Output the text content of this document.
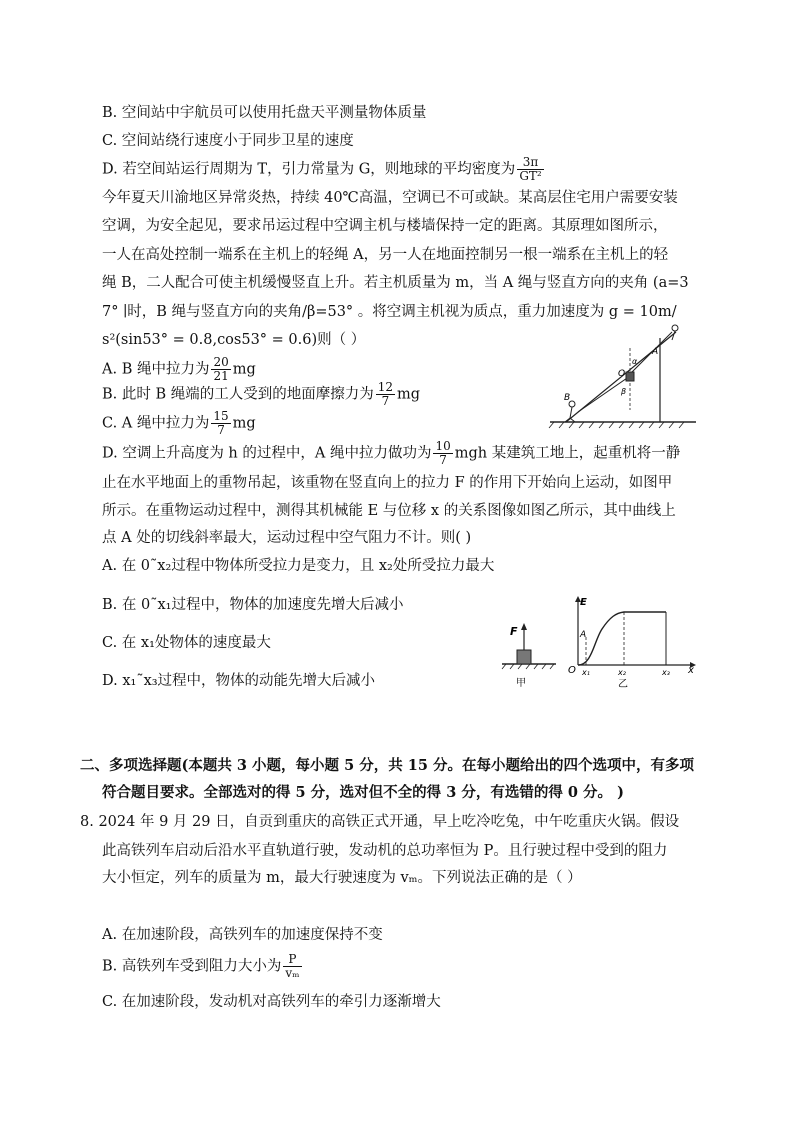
B. 空间站中宇航员可以使用托盘天平测量物体质量
C. 空间站绕行速度小于同步卫星的速度
D. 若空间站运行周期为 T，引力常量为 G，则地球的平均密度为 $\frac{3\pi}{\text{GT²}}$
今年夏天川渝地区异常炎热，持续 40℃高温，空调已不可或缺。某高层住宅用户需要安装
空调，为安全起见，要求吊运过程中空调主机与楼墙保持一定的距离。其原理如图所示，
一人在高处控制一端系在主机上的轻绳 A，另一人在地面控制另一根一端系在主机上的轻
绳 B，二人配合可使主机缓慢竖直上升。若主机质量为 m，当 A 绳与竖直方向的夹角 (a=3
7° ∣时，B 绳与竖直方向的夹角/β=53° 。将空调主机视为质点，重力加速度为 g = 10m/
s²(sin53° = 0.8,cos53° = 0.6)则（ ）
A. B 绳中拉力为 $\frac{20}{21}$ mg
B. 此时 B 绳端的工人受到的地面摩擦力为 $\frac{12}{7}$ mg
C. A 绳中拉力为 $\frac{15}{7}$ mg
D. 空调上升高度为 h 的过程中，A 绳中拉力做功为 $\frac{10}{7}$ mgh 某建筑工地上，起重机将一静
A
O
α
β
B
止在水平地面上的重物吊起，该重物在竖直向上的拉力 F 的作用下开始向上运动，如图甲
所示。在重物运动过程中，测得其机械能 E 与位移 x 的关系图像如图乙所示，其中曲线上
点 A 处的切线斜率最大，运动过程中空气阻力不计。则( )
A. 在 0˜x₂过程中物体所受拉力是变力，且 x₂处所受拉力最大
B. 在 0˜x₁过程中，物体的加速度先增大后减小
C. 在 x₁处物体的速度最大
D. x₁˜x₃过程中，物体的动能先增大后减小
F
甲
E
O
A
x₁	x₂	x₃ x
乙
二、多项选择题(本题共 3 小题，每小题 5 分，共 15 分。在每小题给出的四个选项中，有多项
符合题目要求。全部选对的得 5 分，选对但不全的得 3 分，有选错的得 0 分。 )
8. 2024 年 9 月 29 日，自贡到重庆的高铁正式开通，早上吃冷吃兔，中午吃重庆火锅。假设
此高铁列车启动后沿水平直轨道行驶，发动机的总功率恒为 P。且行驶过程中受到的阻力
大小恒定，列车的质量为 m，最大行驶速度为 vₘ。下列说法正确的是（ ）
A. 在加速阶段，高铁列车的加速度保持不变
B. 高铁列车受到阻力大小为 $\frac{P}{\text{vₘ}}$
C. 在加速阶段，发动机对高铁列车的牵引力逐渐增大
